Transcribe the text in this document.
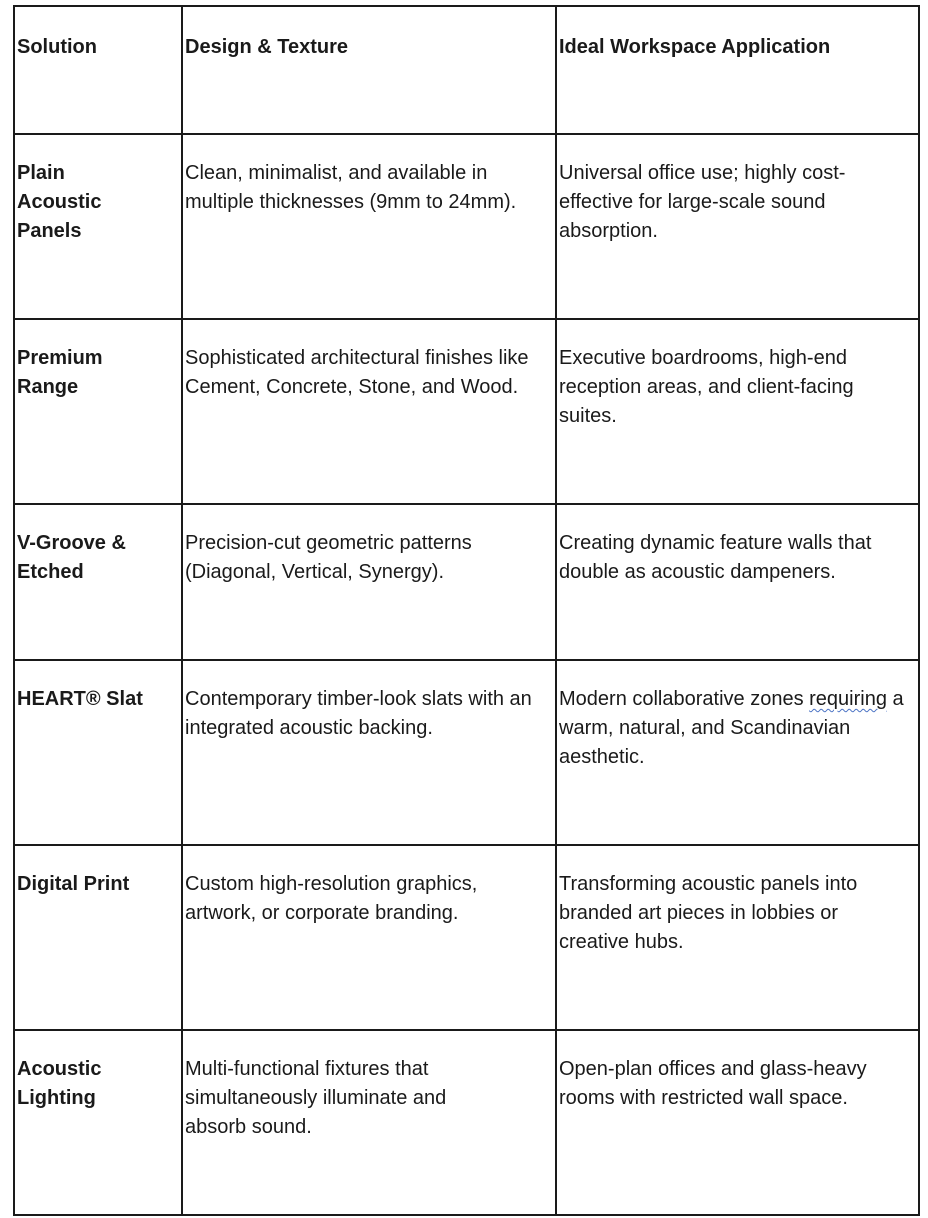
Solution	Design & Texture	Ideal Workspace Application

Plain Acoustic Panels	Clean, minimalist, and available in multiple thicknesses (9mm to 24mm).	Universal office use; highly cost-effective for large-scale sound absorption.

Premium Range	Sophisticated architectural finishes like Cement, Concrete, Stone, and Wood.	Executive boardrooms, high-end reception areas, and client-facing suites.

V-Groove & Etched	Precision-cut geometric patterns (Diagonal, Vertical, Synergy).	Creating dynamic feature walls that double as acoustic dampeners.

HEART® Slat	Contemporary timber-look slats with an integrated acoustic backing.	Modern collaborative zones requiring a warm, natural, and Scandinavian aesthetic.

Digital Print	Custom high-resolution graphics, artwork, or corporate branding.	Transforming acoustic panels into branded art pieces in lobbies or creative hubs.

Acoustic Lighting	Multi-functional fixtures that simultaneously illuminate and absorb sound.	Open-plan offices and glass-heavy rooms with restricted wall space.
